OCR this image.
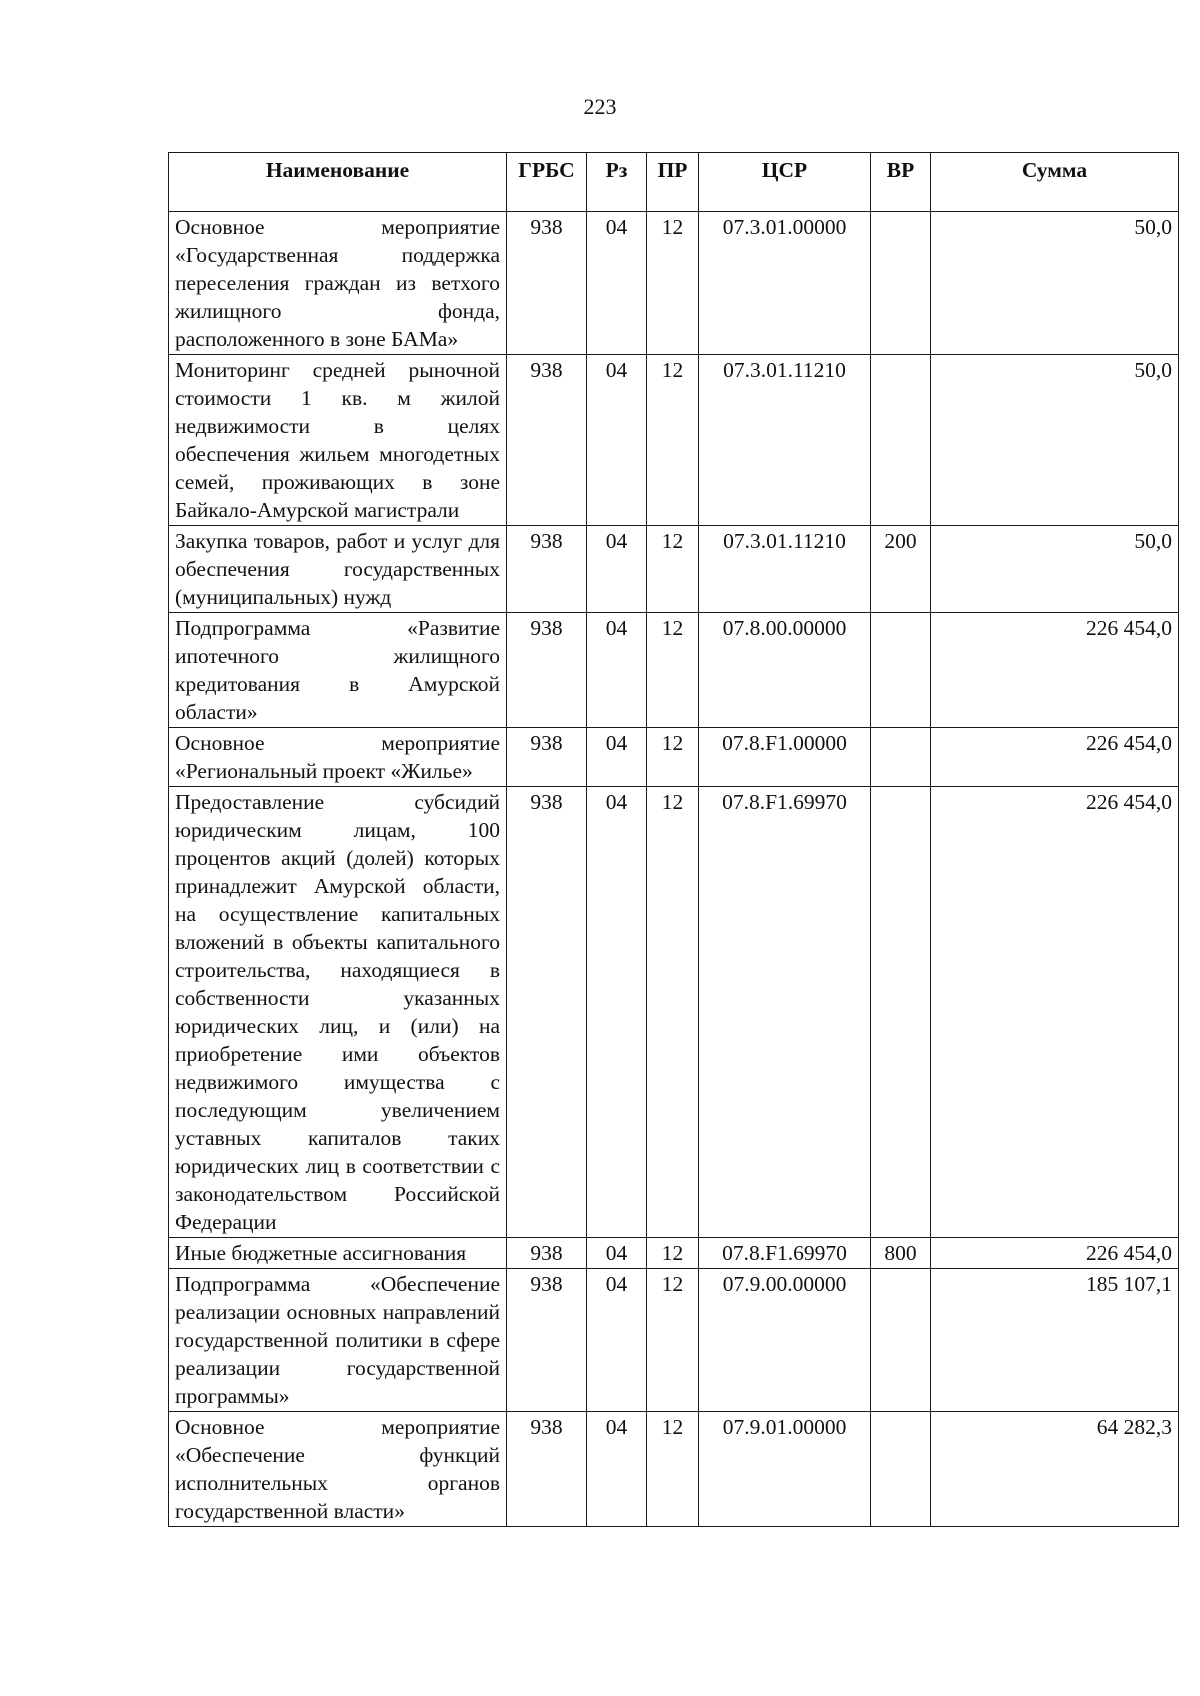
223
Наименование	ГРБС	Рз	ПР	ЦСР	ВР	Сумма
Основное мероприятие «Государственная поддержка переселения граждан из ветхого жилищного фонда, расположенного в зоне БАМа»	938	04	12	07.3.01.00000		50,0
Мониторинг средней рыночной стоимости 1 кв. м жилой недвижимости в целях обеспечения жильем многодетных семей, проживающих в зоне Байкало-Амурской магистрали	938	04	12	07.3.01.11210		50,0
Закупка товаров, работ и услуг для обеспечения государственных (муниципальных) нужд	938	04	12	07.3.01.11210	200	50,0
Подпрограмма «Развитие ипотечного жилищного кредитования в Амурской области»	938	04	12	07.8.00.00000		226 454,0
Основное мероприятие «Региональный проект «Жилье»	938	04	12	07.8.F1.00000		226 454,0
Предоставление субсидий юридическим лицам, 100 процентов акций (долей) которых принадлежит Амурской области, на осуществление капитальных вложений в объекты капитального строительства, находящиеся в собственности указанных юридических лиц, и (или) на приобретение ими объектов недвижимого имущества с последующим увеличением уставных капиталов таких юридических лиц в соответствии с законодательством Российской Федерации	938	04	12	07.8.F1.69970		226 454,0
Иные бюджетные ассигнования	938	04	12	07.8.F1.69970	800	226 454,0
Подпрограмма «Обеспечение реализации основных направлений государственной политики в сфере реализации государственной программы»	938	04	12	07.9.00.00000		185 107,1
Основное мероприятие «Обеспечение функций исполнительных органов государственной власти»	938	04	12	07.9.01.00000		64 282,3
